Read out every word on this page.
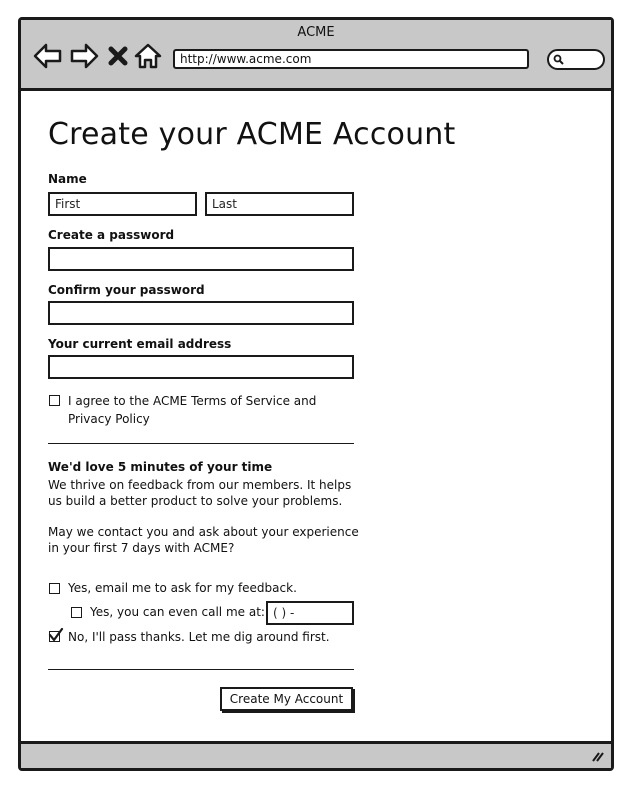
ACME
http://www.acme.com
Create your ACME Account
Name
First	Last
Create a password
Confirm your password
Your current email address
I agree to the ACME Terms of Service and
Privacy Policy
We'd love 5 minutes of your time
We thrive on feedback from our members. It helps
us build a better product to solve your problems.
May we contact you and ask about your experience
in your first 7 days with ACME?
Yes, email me to ask for my feedback.
Yes, you can even call me at: ( ) -
No, I'll pass thanks. Let me dig around first.
Create My Account
